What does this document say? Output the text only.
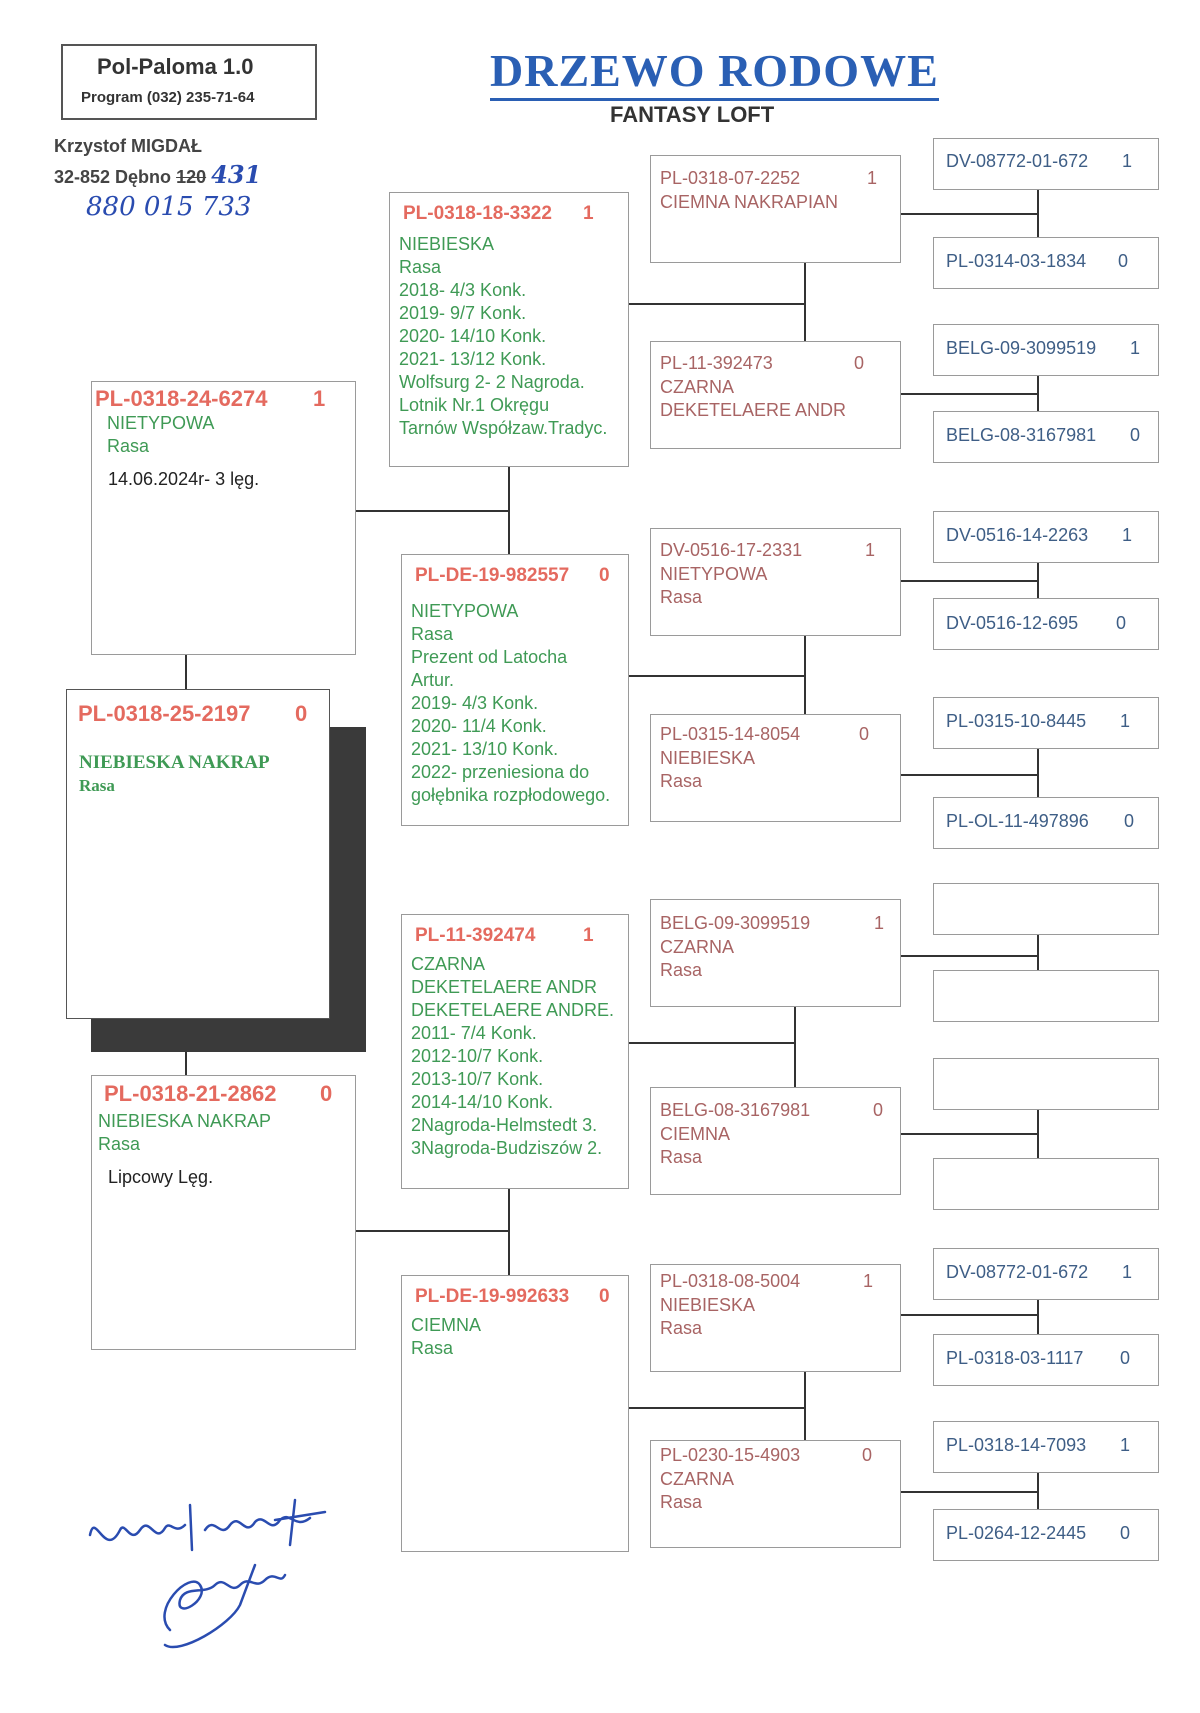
Pol-Paloma 1.0
Program (032) 235-71-64
DRZEWO RODOWE
FANTASY LOFT
Krzystof MIGDAŁ
32-852 Dębno 120 431
880 015 733
PL-0318-25-2197 0
NIEBIESKA NAKRAP
Rasa
PL-0318-24-6274 1
NIETYPOWA
Rasa
14.06.2024r- 3 lęg.
PL-0318-21-2862 0
NIEBIESKA NAKRAP
Rasa
Lipcowy Lęg.
PL-0318-18-3322 1
NIEBIESKA
Rasa
2018- 4/3 Konk.
2019- 9/7 Konk.
2020- 14/10 Konk.
2021- 13/12 Konk.
Wolfsurg 2- 2 Nagroda.
Lotnik Nr.1 Okręgu
Tarnów Współzaw.Tradyc.
PL-DE-19-982557 0
NIETYPOWA
Rasa
Prezent od Latocha
Artur.
2019- 4/3 Konk.
2020- 11/4 Konk.
2021- 13/10 Konk.
2022- przeniesiona do
gołębnika rozpłodowego.
PL-11-392474	1
CZARNA
DEKETELAERE ANDR
DEKETELAERE ANDRE.
2011- 7/4 Konk.
2012-10/7 Konk.
2013-10/7 Konk.
2014-14/10 Konk.
2Nagroda-Helmstedt 3.
3Nagroda-Budziszów 2.
PL-DE-19-992633 0
CIEMNA
Rasa
PL-0318-07-2252	1
CIEMNA NAKRAPIAN
PL-11-392473	0
CZARNA
DEKETELAERE ANDR
DV-0516-17-2331	1
NIETYPOWA
Rasa
PL-0315-14-8054	0
NIEBIESKA
Rasa
BELG-09-3099519	1
CZARNA
Rasa
BELG-08-3167981	0
CIEMNA
Rasa
PL-0318-08-5004	1
NIEBIESKA
Rasa
PL-0230-15-4903	0
CZARNA
Rasa
DV-08772-01-672 1
PL-0314-03-1834 0
BELG-09-3099519 1
BELG-08-3167981 0
DV-0516-14-2263 1
DV-0516-12-695 0
PL-0315-10-8445 1
PL-OL-11-497896 0
DV-08772-01-672 1
PL-0318-03-1117 0
PL-0318-14-7093 1
PL-0264-12-2445 0
